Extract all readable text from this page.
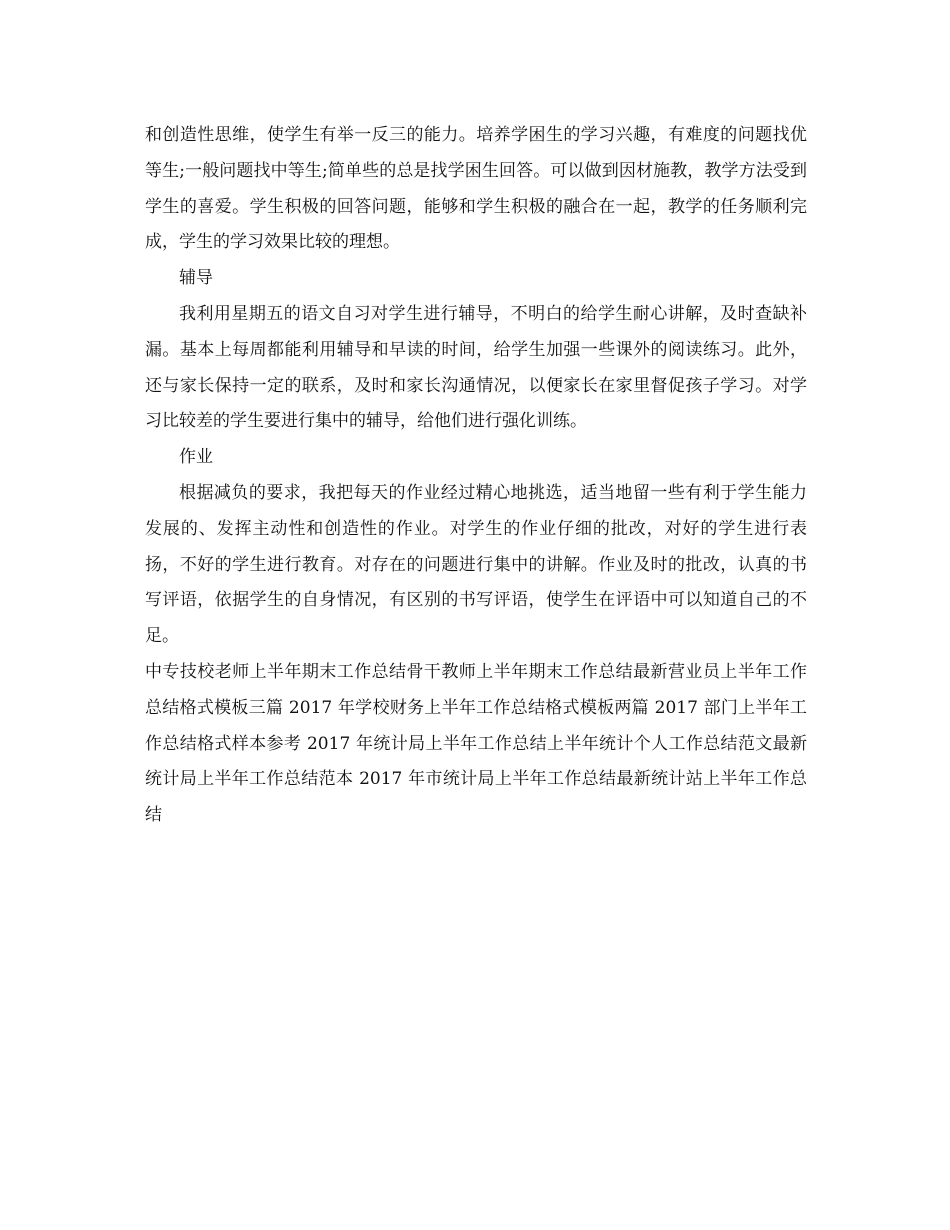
和创造性思维，使学生有举一反三的能力。培养学困生的学习兴趣，有难度的问题找优等生;一般问题找中等生;简单些的总是找学困生回答。可以做到因材施教，教学方法受到学生的喜爱。学生积极的回答问题，能够和学生积极的融合在一起，教学的任务顺利完成，学生的学习效果比较的理想。

辅导

我利用星期五的语文自习对学生进行辅导，不明白的给学生耐心讲解，及时查缺补漏。基本上每周都能利用辅导和早读的时间，给学生加强一些课外的阅读练习。此外，还与家长保持一定的联系，及时和家长沟通情况，以便家长在家里督促孩子学习。对学习比较差的学生要进行集中的辅导，给他们进行强化训练。

作业

根据减负的要求，我把每天的作业经过精心地挑选，适当地留一些有利于学生能力发展的、发挥主动性和创造性的作业。对学生的作业仔细的批改，对好的学生进行表扬，不好的学生进行教育。对存在的问题进行集中的讲解。作业及时的批改，认真的书写评语，依据学生的自身情况，有区别的书写评语，使学生在评语中可以知道自己的不足。

中专技校老师上半年期末工作总结骨干教师上半年期末工作总结最新营业员上半年工作总结格式模板三篇 2017 年学校财务上半年工作总结格式模板两篇 2017 部门上半年工作总结格式样本参考 2017 年统计局上半年工作总结上半年统计个人工作总结范文最新统计局上半年工作总结范本 2017 年市统计局上半年工作总结最新统计站上半年工作总结
